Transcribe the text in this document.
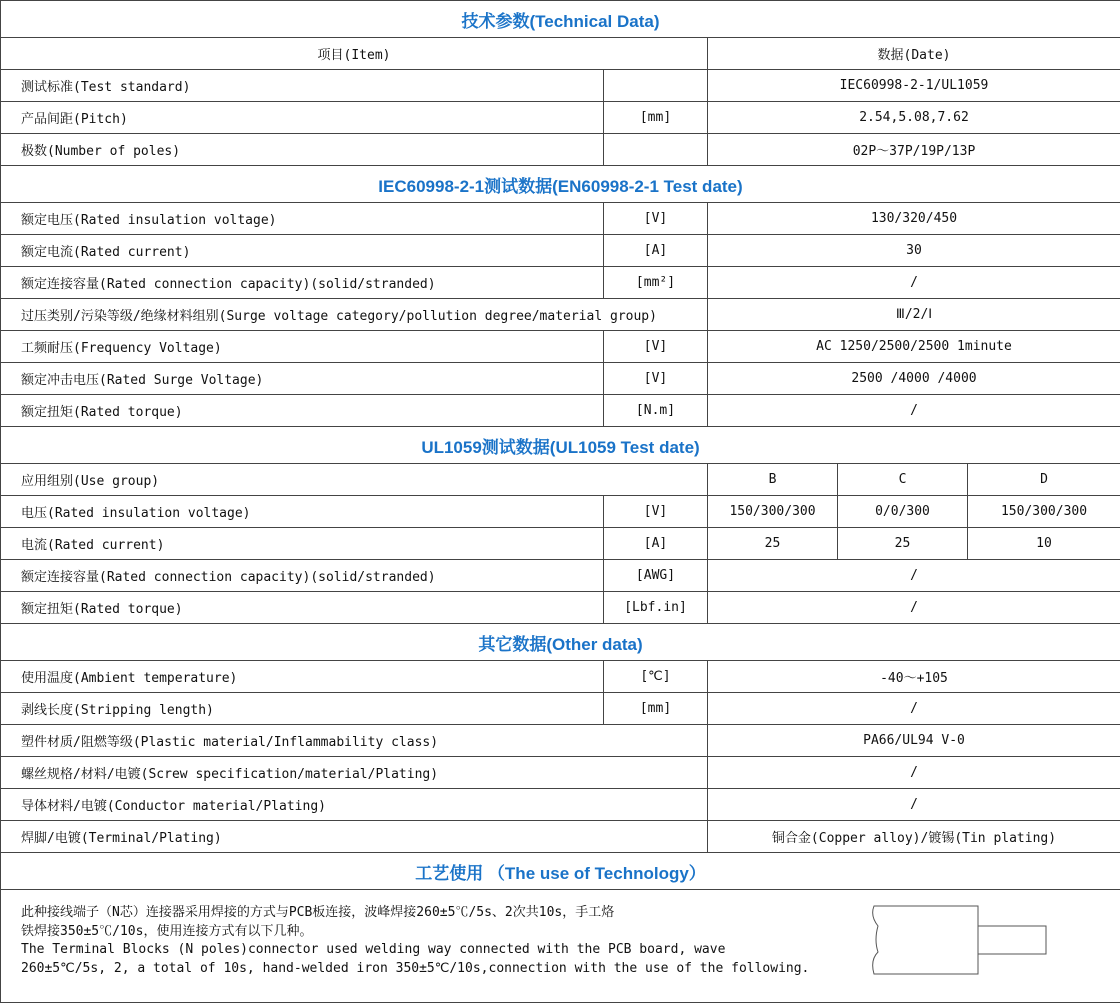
技术参数(Technical Data)				
项目(Item)		数据(Date)		
测试标准(Test standard)		IEC60998-2-1/UL1059		
产品间距(Pitch)	[mm]	2.54,5.08,7.62		
极数(Number of poles)		02P～37P/19P/13P		
IEC60998-2-1测试数据(EN60998-2-1 Test date)				
额定电压(Rated insulation voltage)	[V]	130/320/450		
额定电流(Rated current)	[A]	30		
额定连接容量(Rated connection capacity)(solid/stranded)	[mm²]	/		
过压类别/污染等级/绝缘材料组别(Surge voltage category/pollution degree/material group)		Ⅲ/2/Ⅰ		
工频耐压(Frequency Voltage)	[V]	AC 1250/2500/2500 1minute		
额定冲击电压(Rated Surge Voltage)	[V]	2500 /4000 /4000		
额定扭矩(Rated torque)	[N.m]	/		
UL1059测试数据(UL1059 Test date)				
应用组别(Use group)		B	C	D
电压(Rated insulation voltage)	[V]	150/300/300	0/0/300	150/300/300
电流(Rated current)	[A]	25	25	10
额定连接容量(Rated connection capacity)(solid/stranded)	[AWG]	/		
额定扭矩(Rated torque)	[Lbf.in]	/		
其它数据(Other data)				
使用温度(Ambient temperature)	[℃]	-40～+105		
剥线长度(Stripping length)	[mm]	/		
塑件材质/阻燃等级(Plastic material/Inflammability class)		PA66/UL94 V-0		
螺丝规格/材料/电镀(Screw specification/material/Plating)		/		
导体材料/电镀(Conductor material/Plating)		/		
焊脚/电镀(Terminal/Plating)		铜合金(Copper alloy)/镀锡(Tin plating)		
工艺使用 （The use of Technology）				

此种接线端子（N芯）连接器采用焊接的方式与PCB板连接，波峰焊接260±5℃/5s、2次共10s，手工烙
铁焊接350±5℃/10s，使用连接方式有以下几种。
The Terminal Blocks (N poles)connector used welding way connected with the PCB board, wave
260±5℃/5s, 2, a total of 10s, hand-welded iron 350±5℃/10s,connection with the use of the following.				
